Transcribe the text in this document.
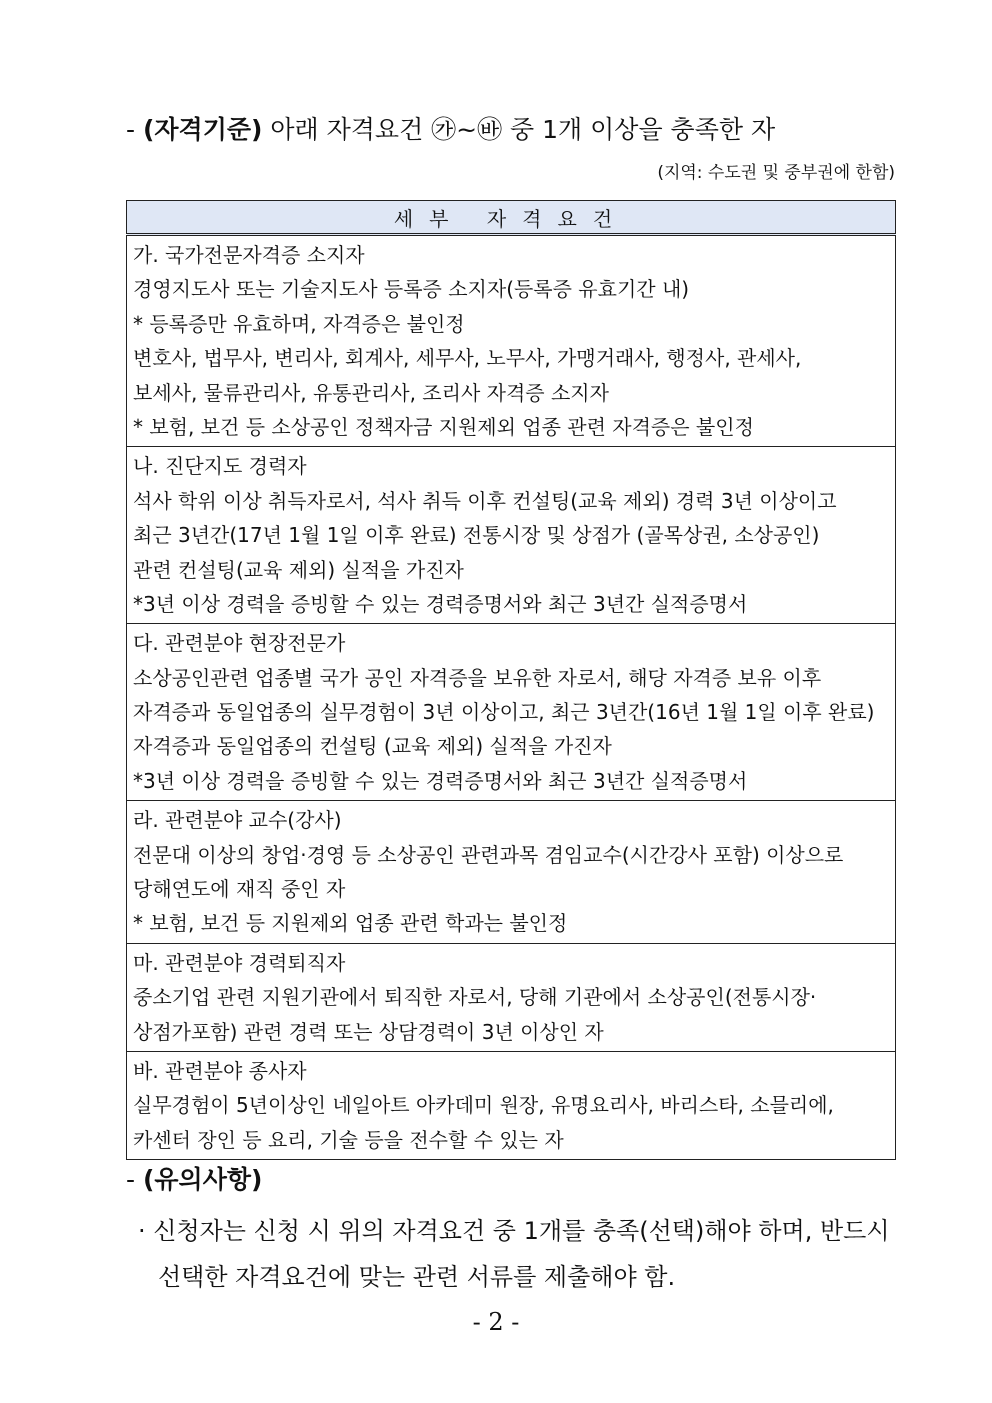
- (자격기준) 아래 자격요건 ㉮~㉳ 중 1개 이상을 충족한 자
(지역: 수도권 및 중부권에 한함)
세부 자격요건

가. 국가전문자격증 소지자
경영지도사 또는 기술지도사 등록증 소지자(등록증 유효기간 내)
* 등록증만 유효하며, 자격증은 불인정
변호사, 법무사, 변리사, 회계사, 세무사, 노무사, 가맹거래사, 행정사, 관세사,
보세사, 물류관리사, 유통관리사, 조리사 자격증 소지자
* 보험, 보건 등 소상공인 정책자금 지원제외 업종 관련 자격증은 불인정

나. 진단지도 경력자
석사 학위 이상 취득자로서, 석사 취득 이후 컨설팅(교육 제외) 경력 3년 이상이고
최근 3년간(17년 1월 1일 이후 완료) 전통시장 및 상점가 (골목상권, 소상공인)
관련 컨설팅(교육 제외) 실적을 가진자
*3년 이상 경력을 증빙할 수 있는 경력증명서와 최근 3년간 실적증명서

다. 관련분야 현장전문가
소상공인관련 업종별 국가 공인 자격증을 보유한 자로서, 해당 자격증 보유 이후
자격증과 동일업종의 실무경험이 3년 이상이고, 최근 3년간(16년 1월 1일 이후 완료)
자격증과 동일업종의 컨설팅 (교육 제외) 실적을 가진자
*3년 이상 경력을 증빙할 수 있는 경력증명서와 최근 3년간 실적증명서

라. 관련분야 교수(강사)
전문대 이상의 창업·경영 등 소상공인 관련과목 겸임교수(시간강사 포함) 이상으로
당해연도에 재직 중인 자
* 보험, 보건 등 지원제외 업종 관련 학과는 불인정

마. 관련분야 경력퇴직자
중소기업 관련 지원기관에서 퇴직한 자로서, 당해 기관에서 소상공인(전통시장·
상점가포함) 관련 경력 또는 상담경력이 3년 이상인 자

바. 관련분야 종사자
실무경험이 5년이상인 네일아트 아카데미 원장, 유명요리사, 바리스타, 소믈리에,
카센터 장인 등 요리, 기술 등을 전수할 수 있는 자
- (유의사항)
· 신청자는 신청 시 위의 자격요건 중 1개를 충족(선택)해야 하며, 반드시
선택한 자격요건에 맞는 관련 서류를 제출해야 함.
- 2 -
